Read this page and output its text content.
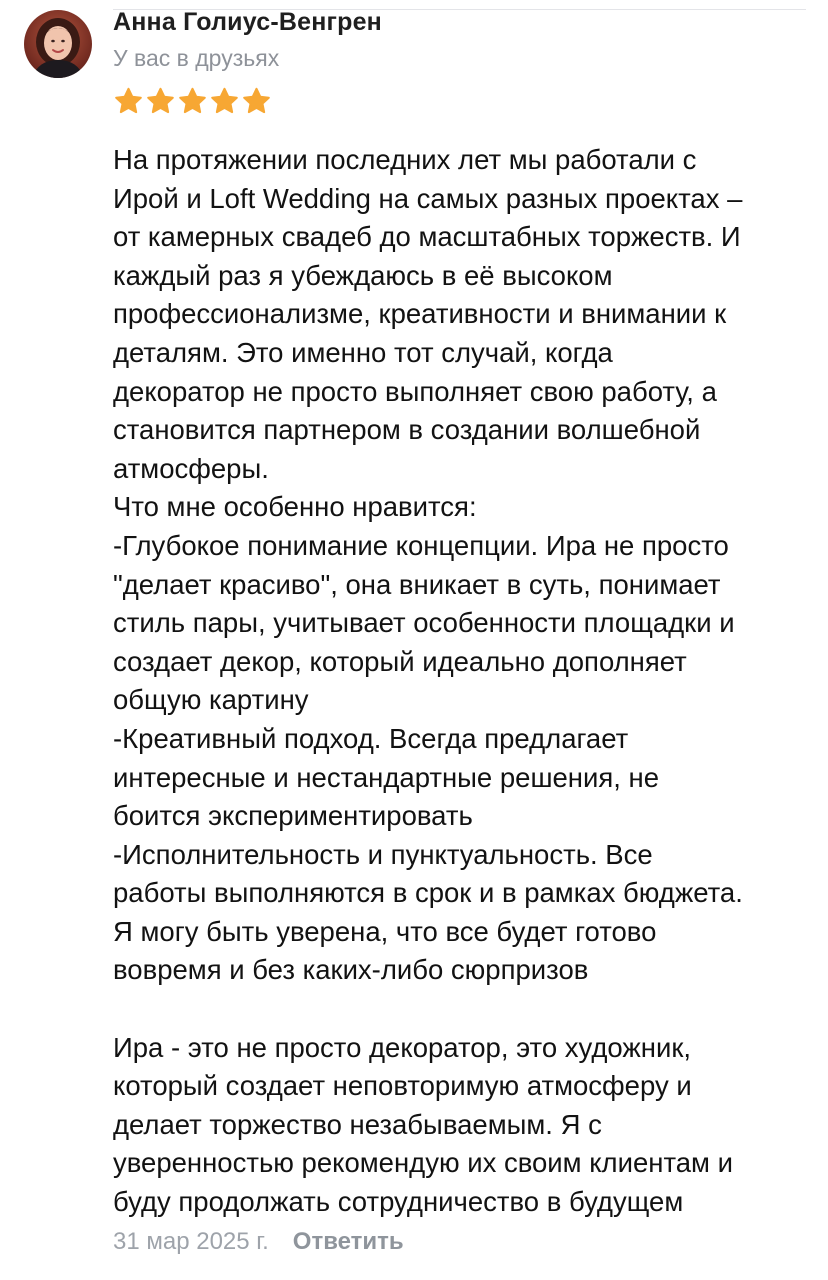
Анна Голиус-Венгрен
У вас в друзьях

На протяжении последних лет мы работали с
Ирой и Loft Wedding на самых разных проектах –
от камерных свадеб до масштабных торжеств. И
каждый раз я убеждаюсь в её высоком
профессионализме, креативности и внимании к
деталям. Это именно тот случай, когда
декоратор не просто выполняет свою работу, а
становится партнером в создании волшебной
атмосферы.
Что мне особенно нравится:
-Глубокое понимание концепции. Ира не просто
"делает красиво", она вникает в суть, понимает
стиль пары, учитывает особенности площадки и
создает декор, который идеально дополняет
общую картину
-Креативный подход. Всегда предлагает
интересные и нестандартные решения, не
боится экспериментировать
-Исполнительность и пунктуальность. Все
работы выполняются в срок и в рамках бюджета.
Я могу быть уверена, что все будет готово
вовремя и без каких-либо сюрпризов

Ира - это не просто декоратор, это художник,
который создает неповторимую атмосферу и
делает торжество незабываемым. Я с
уверенностью рекомендую их своим клиентам и
буду продолжать сотрудничество в будущем

31 мар 2025 г. Ответить
